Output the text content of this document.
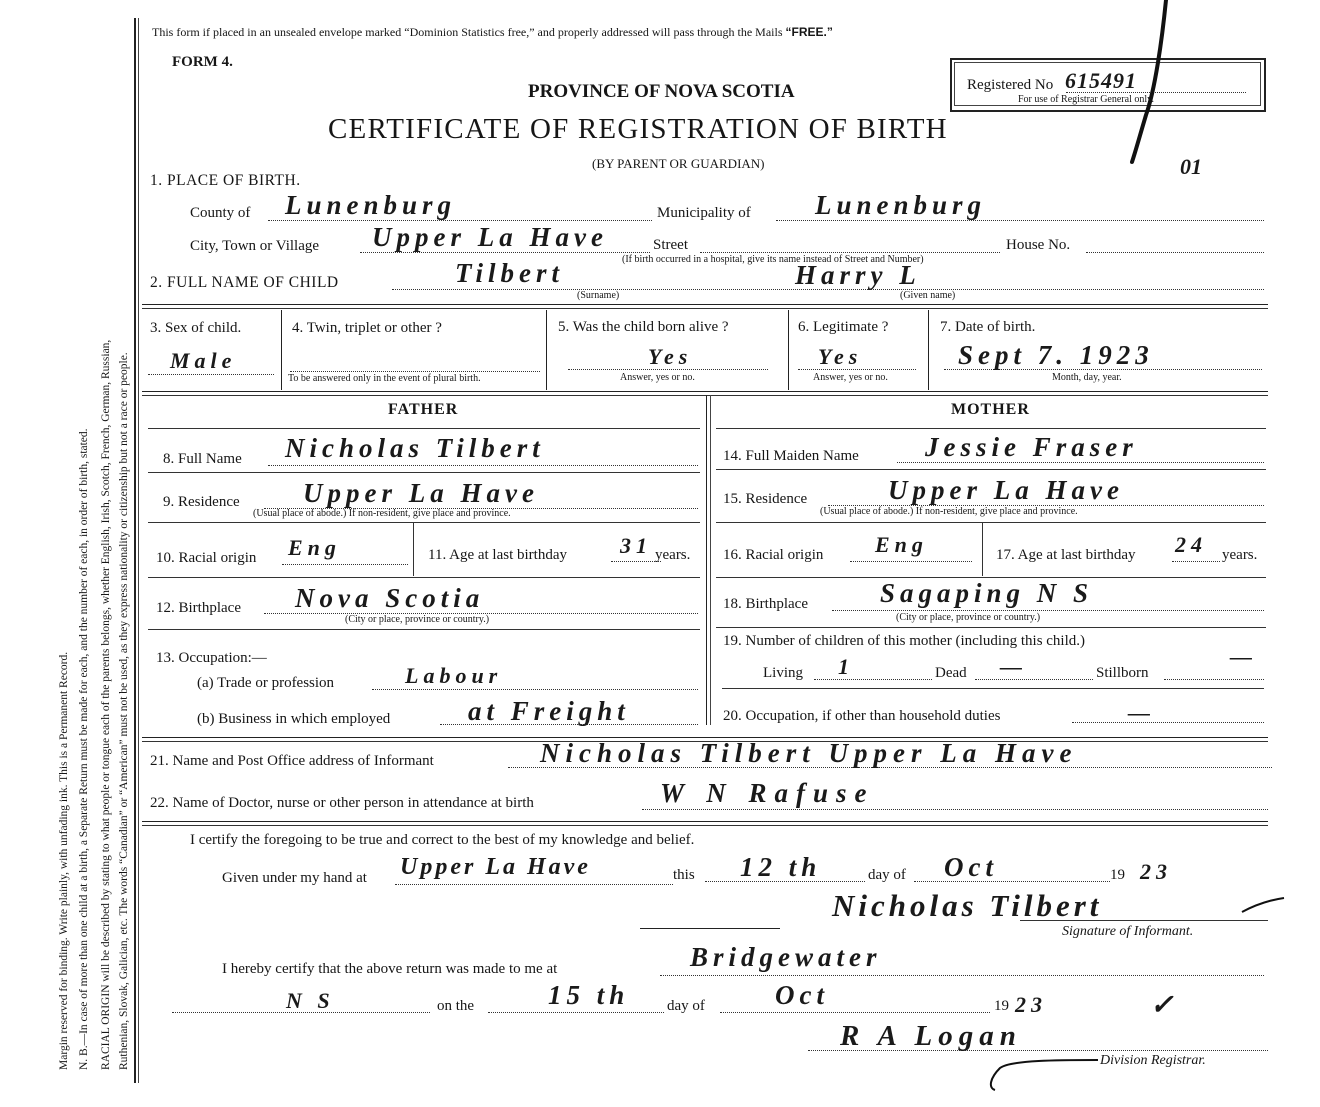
Margin reserved for binding. Write plainly, with unfading ink. This is a Permanent Record. N. B.—In case of more than one child at a birth, a Separate Return must be made for each, and the number of each, in order of birth, stated. RACIAL ORIGIN will be described by stating to what people or tongue each of the parents belongs, whether English, Irish, Scotch, French, German, Russian, Ruthenian, Slovak, Galician, etc. The words “Canadian” or “American” must not be used, as they express nationality or citizenship but not a race or people.
This form if placed in an unsealed envelope marked “Dominion Statistics free,” and properly addressed will pass through the Mails “FREE.”
FORM 4.
PROVINCE OF NOVA SCOTIA
CERTIFICATE OF REGISTRATION OF BIRTH
(BY PARENT OR GUARDIAN)
Registered No 615491
For use of Registrar General only.
01
1. PLACE OF BIRTH.
County of Lunenburg	Municipality of Lunenburg
City, Town or Village Upper La Have	Street	House No.
(If birth occurred in a hospital, give its name instead of Street and Number)
2. FULL NAME OF CHILD	Tilbert	Harry L
(Surname)	(Given name)
3. Sex of child.
Male
4. Twin, triplet or other ?
To be answered only in the event of plural birth.
5. Was the child born alive ?
Yes
Answer, yes or no.
6. Legitimate ?
Yes
Answer, yes or no.
7. Date of birth.
Sept 7. 1923
Month, day, year.
FATHER
8. Full Name Nicholas Tilbert
9. Residence Upper La Have
(Usual place of abode.) If non-resident, give place and province.
10. Racial origin Eng	11. Age at last birthday 31 years.
12. Birthplace Nova Scotia
(City or place, province or country.)
13. Occupation:—
(a) Trade or profession	Labour
(b) Business in which employed	at Freight
MOTHER
14. Full Maiden Name Jessie Fraser
15. Residence	Upper La Have
(Usual place of abode.) If non-resident, give place and province.
16. Racial origin Eng	17. Age at last birthday 24 years.
18. Birthplace	Sagaping N S
(City or place, province or country.)
19. Number of children of this mother (including this child.)
Living 1	Dead —	Stillborn
—
20. Occupation, if other than household duties	—
21. Name and Post Office address of Informant	Nicholas Tilbert Upper La Have
22. Name of Doctor, nurse or other person in attendance at birth	W N Rafuse
I certify the foregoing to be true and correct to the best of my knowledge and belief.
Given under my hand at Upper La Have	this 12 th	day of Oct	19 23
Nicholas Tilbert
Signature of Informant.
I hereby certify that the above return was made to me at	Bridgewater
N S	on the	15 th	day of	Oct	19 23	✓
R A Logan
Division Registrar.
